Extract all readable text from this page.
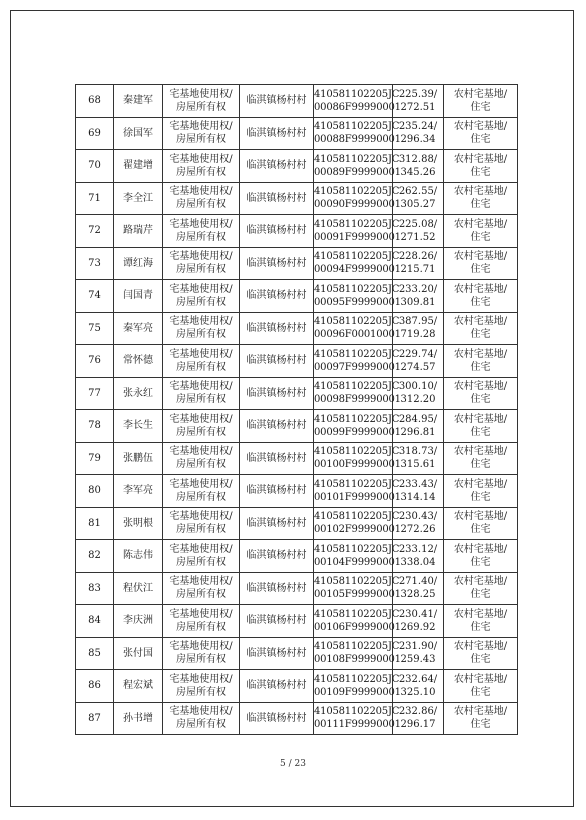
68	秦建军	宅基地使用权/
房屋所有权	临淇镇杨村村	410581102205JC
00086F99990001	225.39/
272.51	农村宅基地/
住宅

69	徐国军	宅基地使用权/
房屋所有权	临淇镇杨村村	410581102205JC
00088F99990001	235.24/
296.34	农村宅基地/
住宅

70	翟建增	宅基地使用权/
房屋所有权	临淇镇杨村村	410581102205JC
00089F99990001	312.88/
345.26	农村宅基地/
住宅

71	李全江	宅基地使用权/
房屋所有权	临淇镇杨村村	410581102205JC
00090F99990001	262.55/
305.27	农村宅基地/
住宅

72	路瑞芹	宅基地使用权/
房屋所有权	临淇镇杨村村	410581102205JC
00091F99990001	225.08/
271.52	农村宅基地/
住宅

73	谭红海	宅基地使用权/
房屋所有权	临淇镇杨村村	410581102205JC
00094F99990001	228.26/
215.71	农村宅基地/
住宅

74	闫国青	宅基地使用权/
房屋所有权	临淇镇杨村村	410581102205JC
00095F99990001	233.20/
309.81	农村宅基地/
住宅

75	秦军亮	宅基地使用权/
房屋所有权	临淇镇杨村村	410581102205JC
00096F00010001	387.95/
719.28	农村宅基地/
住宅

76	常怀德	宅基地使用权/
房屋所有权	临淇镇杨村村	410581102205JC
00097F99990001	229.74/
274.57	农村宅基地/
住宅

77	张永红	宅基地使用权/
房屋所有权	临淇镇杨村村	410581102205JC
00098F99990001	300.10/
312.20	农村宅基地/
住宅

78	李长生	宅基地使用权/
房屋所有权	临淇镇杨村村	410581102205JC
00099F99990001	284.95/
296.81	农村宅基地/
住宅

79	张鹏伍	宅基地使用权/
房屋所有权	临淇镇杨村村	410581102205JC
00100F99990001	318.73/
315.61	农村宅基地/
住宅

80	李军亮	宅基地使用权/
房屋所有权	临淇镇杨村村	410581102205JC
00101F99990001	233.43/
314.14	农村宅基地/
住宅

81	张明根	宅基地使用权/
房屋所有权	临淇镇杨村村	410581102205JC
00102F99990001	230.43/
272.26	农村宅基地/
住宅

82	陈志伟	宅基地使用权/
房屋所有权	临淇镇杨村村	410581102205JC
00104F99990001	233.12/
338.04	农村宅基地/
住宅

83	程伏江	宅基地使用权/
房屋所有权	临淇镇杨村村	410581102205JC
00105F99990001	271.40/
328.25	农村宅基地/
住宅

84	李庆洲	宅基地使用权/
房屋所有权	临淇镇杨村村	410581102205JC
00106F99990001	230.41/
269.92	农村宅基地/
住宅

85	张付国	宅基地使用权/
房屋所有权	临淇镇杨村村	410581102205JC
00108F99990001	231.90/
259.43	农村宅基地/
住宅

86	程宏斌	宅基地使用权/
房屋所有权	临淇镇杨村村	410581102205JC
00109F99990001	232.64/
325.10	农村宅基地/
住宅

87	孙书增	宅基地使用权/
房屋所有权	临淇镇杨村村	410581102205JC
00111F99990001	232.86/
296.17	农村宅基地/
住宅
5 / 23
